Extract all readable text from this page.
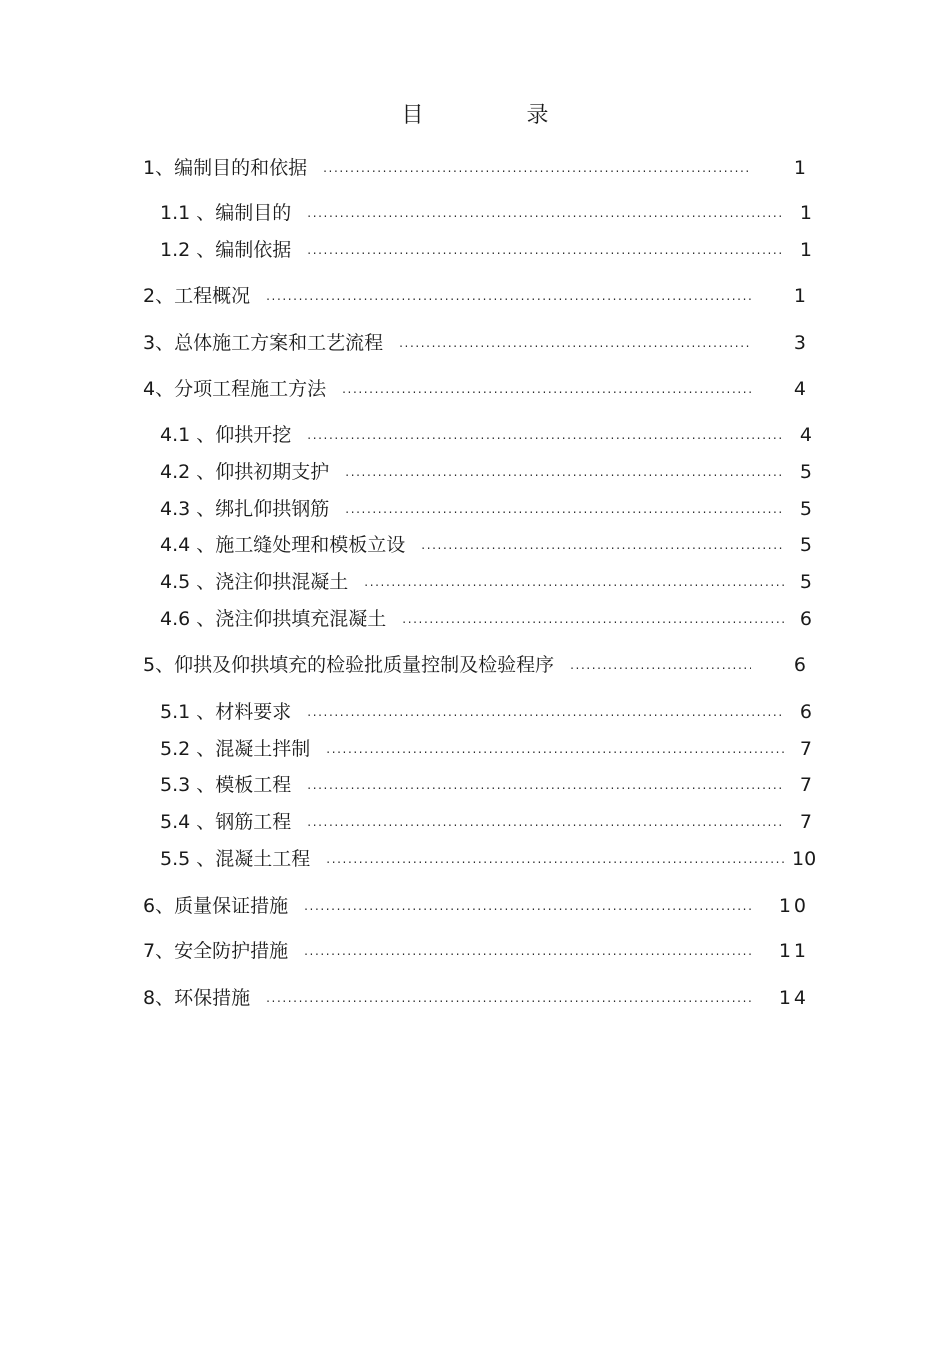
目 录
1、编制目的和依据 .....	1
1.1 、编制目的 .....	1
1.2 、编制依据 .....	1
2、工程概况 .....	1
3、总体施工方案和工艺流程 .....	3
4、分项工程施工方法 .....	4
4.1 、仰拱开挖 .....	4
4.2 、仰拱初期支护 .....	5
4.3 、绑扎仰拱钢筋 .....	5
4.4 、施工缝处理和模板立设 .....	5
4.5 、浇注仰拱混凝土 .....	5
4.6 、浇注仰拱填充混凝土 .....	6
5、仰拱及仰拱填充的检验批质量控制及检验程序 .....	6
5.1 、材料要求 .....	6
5.2 、混凝土拌制 .....	7
5.3 、模板工程 .....	7
5.4 、钢筋工程 .....	7
5.5 、混凝土工程 .....	10
6、质量保证措施 .....	10
7、安全防护措施 .....	11
8、环保措施 .....	14
